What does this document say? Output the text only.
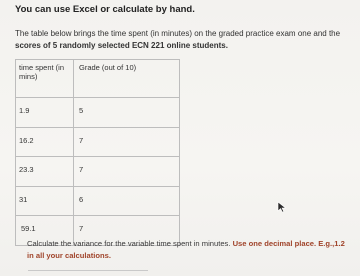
You can use Excel or calculate by hand.
The table below brings the time spent (in minutes) on the graded practice exam one and the
scores of 5 randomly selected ECN 221 online students.
time spent (in mins)	Grade (out of 10)
1.9	5
16.2	7
23.3	7
31	6
59.1	7
Calculate the variance for the variable time spent in minutes. Use one decimal place. E.g.,1.2 in all your calculations.
